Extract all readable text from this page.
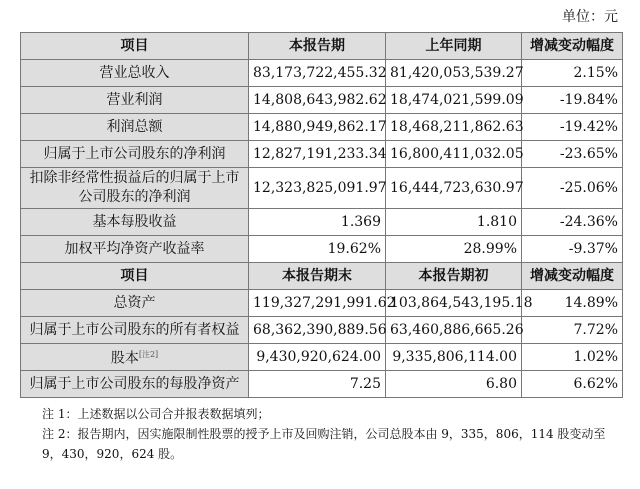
单位：元
项目	本报告期	上年同期	增减变动幅度
营业总收入	83,173,722,455.32	81,420,053,539.27	2.15%
营业利润	14,808,643,982.62	18,474,021,599.09	-19.84%
利润总额	14,880,949,862.17	18,468,211,862.63	-19.42%
归属于上市公司股东的净利润	12,827,191,233.34	16,800,411,032.05	-23.65%
扣除非经常性损益后的归属于上市公司股东的净利润	12,323,825,091.97	16,444,723,630.97	-25.06%
基本每股收益	1.369	1.810	-24.36%
加权平均净资产收益率	19.62%	28.99%	-9.37%
项目	本报告期末	本报告期初	增减变动幅度
总资产	119,327,291,991.62	103,864,543,195.18	14.89%
归属于上市公司股东的所有者权益	68,362,390,889.56	63,460,886,665.26	7.72%
股本[注2]	9,430,920,624.00	9,335,806,114.00	1.02%
归属于上市公司股东的每股净资产	7.25	6.80	6.62%
注 1：上述数据以公司合并报表数据填列；
注 2：报告期内，因实施限制性股票的授予上市及回购注销，公司总股本由 9，335，806，114 股变动至
9，430，920，624 股。
